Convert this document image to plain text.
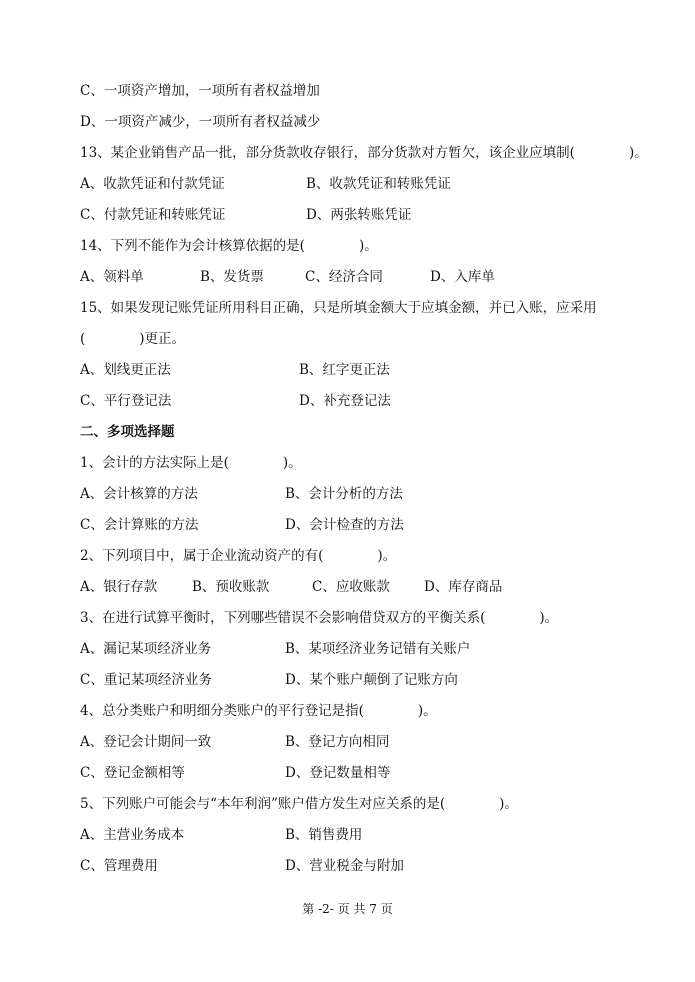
C、一项资产增加，一项所有者权益增加
D、一项资产减少，一项所有者权益减少
13、某企业销售产品一批，部分货款收存银行，部分货款对方暂欠，该企业应填制(　　　　)。
A、收款凭证和付款凭证	B、收款凭证和转账凭证
C、付款凭证和转账凭证	D、两张转账凭证
14、下列不能作为会计核算依据的是(　　　　)。
A、领料单	B、发货票	C、经济合同	D、入库单
15、如果发现记账凭证所用科目正确，只是所填金额大于应填金额，并已入账，应采用
(　　　　)更正。
A、划线更正法	B、红字更正法
C、平行登记法	D、补充登记法
二、多项选择题
1、会计的方法实际上是(　　　　)。
A、会计核算的方法	B、会计分析的方法
C、会计算账的方法	D、会计检查的方法
2、下列项目中，属于企业流动资产的有(　　　　)。
A、银行存款	B、预收账款	C、应收账款	D、库存商品
3、在进行试算平衡时，下列哪些错误不会影响借贷双方的平衡关系(　　　　)。
A、漏记某项经济业务	B、某项经济业务记错有关账户
C、重记某项经济业务	D、某个账户颠倒了记账方向
4、总分类账户和明细分类账户的平行登记是指(　　　　)。
A、登记会计期间一致	B、登记方向相同
C、登记金额相等	D、登记数量相等
5、下列账户可能会与“本年利润”账户借方发生对应关系的是(　　　　)。
A、主营业务成本	B、销售费用
C、管理费用	D、营业税金与附加
第 -2- 页 共 7 页
